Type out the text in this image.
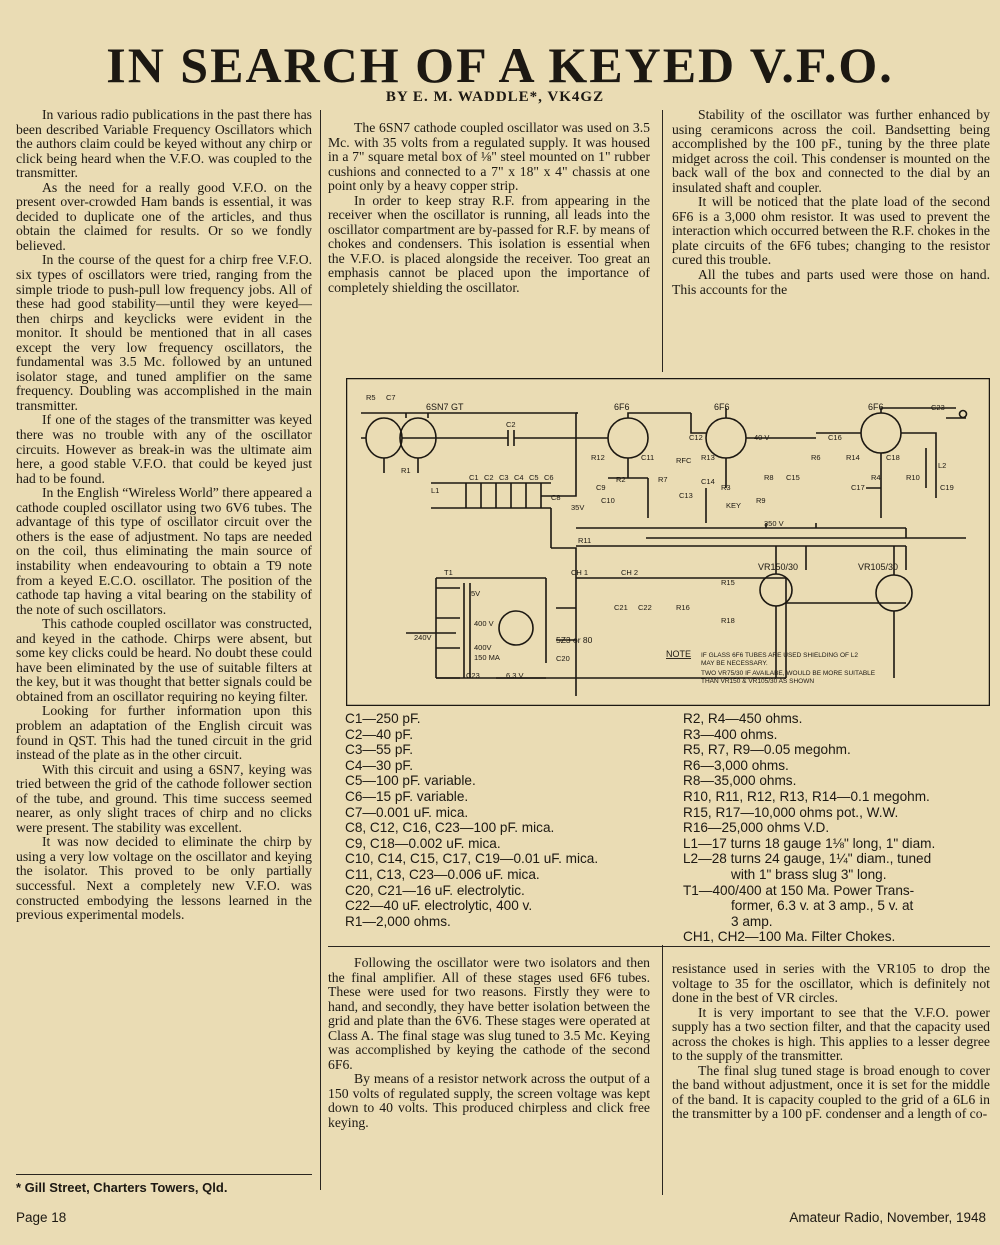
IN SEARCH OF A KEYED V.F.O.
BY E. M. WADDLE*, VK4GZ

In various radio publications in the past there has been described Variable Frequency Oscillators which the authors claim could be keyed without any chirp or click being heard when the V.F.O. was coupled to the transmitter.

As the need for a really good V.F.O. on the present over-crowded Ham bands is essential, it was decided to duplicate one of the articles, and thus obtain the claimed for results. Or so we fondly believed.

In the course of the quest for a chirp free V.F.O. six types of oscillators were tried, ranging from the simple triode to push-pull low frequency jobs. All of these had good stability—until they were keyed—then chirps and keyclicks were evident in the monitor. It should be mentioned that in all cases except the very low frequency oscillators, the fundamental was 3.5 Mc. followed by an untuned isolator stage, and tuned amplifier on the same frequency. Doubling was accomplished in the main transmitter.

If one of the stages of the transmitter was keyed there was no trouble with any of the oscillator circuits. However as break-in was the ultimate aim here, a good stable V.F.O. that could be keyed just had to be found.

In the English “Wireless World” there appeared a cathode coupled oscillator using two 6V6 tubes. The advantage of this type of oscillator circuit over the others is the ease of adjustment. No taps are needed on the coil, thus eliminating the main source of instability when endeavouring to obtain a T9 note from a keyed E.C.O. oscillator. The position of the cathode tap having a vital bearing on the stability of the note of such oscillators.

This cathode coupled oscillator was constructed, and keyed in the cathode. Chirps were absent, but some key clicks could be heard. No doubt these could have been eliminated by the use of suitable filters at the key, but it was thought that better signals could be obtained from an oscillator requiring no keying filter.

Looking for further information upon this problem an adaptation of the English circuit was found in QST. This had the tuned circuit in the grid instead of the plate as in the other circuit.

With this circuit and using a 6SN7, keying was tried between the grid of the cathode follower section of the tube, and ground. This time success seemed nearer, as only slight traces of chirp and no clicks were present. The stability was excellent.

It was now decided to eliminate the chirp by using a very low voltage on the oscillator and keying the isolator. This proved to be only partially successful. Next a completely new V.F.O. was constructed embodying the lessons learned in the previous experimental models.

* Gill Street, Charters Towers, Qld.

The 6SN7 cathode coupled oscillator was used on 3.5 Mc. with 35 volts from a regulated supply. It was housed in a 7" square metal box of ⅛" steel mounted on 1" rubber cushions and connected to a 7" x 18" x 4" chassis at one point only by a heavy copper strip.

In order to keep stray R.F. from appearing in the receiver when the oscillator is running, all leads into the oscillator compartment are by-passed for R.F. by means of chokes and condensers. This isolation is essential when the V.F.O. is placed alongside the receiver. Too great an emphasis cannot be placed upon the importance of completely shielding the oscillator.

Stability of the oscillator was further enhanced by using ceramicons across the coil. Bandsetting being accomplished by the 100 pF., tuning by the three plate midget across the coil. This condenser is mounted on the back wall of the box and connected to the dial by an insulated shaft and coupler.

It will be noticed that the plate load of the second 6F6 is a 3,000 ohm resistor. It was used to prevent the interaction which occurred between the R.F. chokes in the plate circuits of the 6F6 tubes; changing to the resistor cured this trouble.

All the tubes and parts used were those on hand. This accounts for the

R5 C7
6SN7 GT
C2
R1
L1
C1 C2 C3 C4 C5 C6
C8
R12
C9
C11
R2	R7
C10
C12
RFC R13
C13
C14
R3
KEY
R8 C15
R9
R6
C16
R14	C18
R4	R10
C17
L2
C19
C23
R11
CH 1	CH 2
C21 C22	R16
R15
R18
T1
C20
C23
6F6	6F6	6F6
5Z3 or 80
VR150/30	VR105/30
35V
40 V
350 V
5V
400 V
400V
150 MA
6.3 V
240V
NOTE IF GLASS 6F6 TUBES ARE USED SHIELDING OF L2
MAY BE NECESSARY.
TWO VR75/30 IF AVAILABE, WOULD BE MORE SUITABLE
THAN VR150 & VR105/30 AS SHOWN
C1—250 pF.
C2—40 pF.
C3—55 pF.
C4—30 pF.
C5—100 pF. variable.
C6—15 pF. variable.
C7—0.001 uF. mica.
C8, C12, C16, C23—100 pF. mica.
C9, C18—0.002 uF. mica.
C10, C14, C15, C17, C19—0.01 uF. mica.
C11, C13, C23—0.006 uF. mica.
C20, C21—16 uF. electrolytic.
C22—40 uF. electrolytic, 400 v.
R1—2,000 ohms.
R2, R4—450 ohms.
R3—400 ohms.
R5, R7, R9—0.05 megohm.
R6—3,000 ohms.
R8—35,000 ohms.
R10, R11, R12, R13, R14—0.1 megohm.
R15, R17—10,000 ohms pot., W.W.
R16—25,000 ohms V.D.
L1—17 turns 18 gauge 1⅛" long, 1" diam.
L2—28 turns 24 gauge, 1¼" diam., tuned
with 1" brass slug 3" long.
T1—400/400 at 150 Ma. Power Trans-
former, 6.3 v. at 3 amp., 5 v. at
3 amp.
CH1, CH2—100 Ma. Filter Chokes.

Following the oscillator were two isolators and then the final amplifier. All of these stages used 6F6 tubes. These were used for two reasons. Firstly they were to hand, and secondly, they have better isolation between the grid and plate than the 6V6. These stages were operated at Class A. The final stage was slug tuned to 3.5 Mc. Keying was accomplished by keying the cathode of the second 6F6.

By means of a resistor network across the output of a 150 volts of regulated supply, the screen voltage was kept down to 40 volts. This produced chirpless and click free keying.

resistance used in series with the VR105 to drop the voltage to 35 for the oscillator, which is definitely not done in the best of VR circles.

It is very important to see that the V.F.O. power supply has a two section filter, and that the capacity used across the chokes is high. This applies to a lesser degree to the supply of the transmitter.

The final slug tuned stage is broad enough to cover the band without adjustment, once it is set for the middle of the band. It is capacity coupled to the grid of a 6L6 in the transmitter by a 100 pF. condenser and a length of co-

Page 18	Amateur Radio, November, 1948
